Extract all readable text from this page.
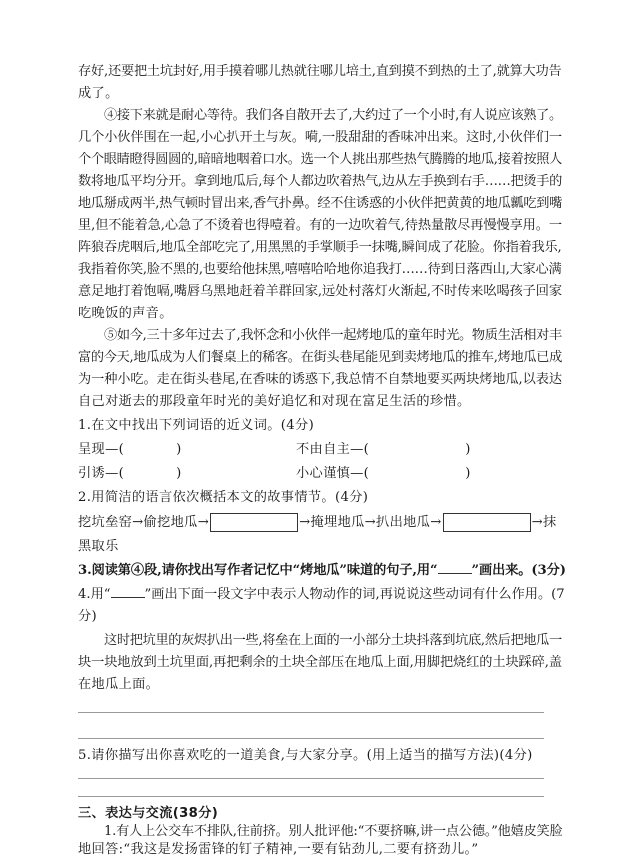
存好,还要把土坑封好,用手摸着哪儿热就往哪儿培土,直到摸不到热的土了,就算大功告
成了。
④接下来就是耐心等待。我们各自散开去了,大约过了一个小时,有人说应该熟了。
几个小伙伴围在一起,小心扒开土与灰。嗬,一股甜甜的香味冲出来。这时,小伙伴们一
个个眼睛瞪得圆圆的,暗暗地咽着口水。选一个人挑出那些热气腾腾的地瓜,接着按照人
数将地瓜平均分开。拿到地瓜后,每个人都边吹着热气,边从左手换到右手……把烫手的
地瓜掰成两半,热气顿时冒出来,香气扑鼻。经不住诱惑的小伙伴把黄黄的地瓜瓤吃到嘴
里,但不能着急,心急了不烫着也得噎着。有的一边吹着气,待热量散尽再慢慢享用。一
阵狼吞虎咽后,地瓜全部吃完了,用黑黑的手掌顺手一抹嘴,瞬间成了花脸。你指着我乐,
我指着你笑,脸不黑的,也要给他抹黑,嘻嘻哈哈地你追我打……待到日落西山,大家心满
意足地打着饱嗝,嘴唇乌黑地赶着羊群回家,远处村落灯火渐起,不时传来吆喝孩子回家
吃晚饭的声音。
⑤如今,三十多年过去了,我怀念和小伙伴一起烤地瓜的童年时光。物质生活相对丰
富的今天,地瓜成为人们餐桌上的稀客。在街头巷尾能见到卖烤地瓜的推车,烤地瓜已成
为一种小吃。走在街头巷尾,在香味的诱惑下,我总情不自禁地要买两块烤地瓜,以表达
自己对逝去的那段童年时光的美好追忆和对现在富足生活的珍惜。
1.在文中找出下列词语的近义词。(4分)
呈现—(	)	不由自主—(	)
引诱—(	)	小心谨慎—(	)
2.用简洁的语言依次概括本文的故事情节。(4分)
挖坑垒窑→偷挖地瓜→	→掩埋地瓜→扒出地瓜→	→抹
黑取乐
3.阅读第④段,请你找出写作者记忆中“烤地瓜”味道的句子,用“	”画出来。(3分)
4.用“	”画出下面一段文字中表示人物动作的词,再说说这些动词有什么作用。(7
分)
这时把坑里的灰烬扒出一些,将垒在上面的一小部分土块抖落到坑底,然后把地瓜一
块一块地放到土坑里面,再把剩余的土块全部压在地瓜上面,用脚把烧红的土块踩碎,盖
在地瓜上面。
5.请你描写出你喜欢吃的一道美食,与大家分享。(用上适当的描写方法)(4分)
三、表达与交流(38分)
1.有人上公交车不排队,往前挤。别人批评他:“不要挤嘛,讲一点公德。”他嬉皮笑脸
地回答:“我这是发扬雷锋的钉子精神,一要有钻劲儿,二要有挤劲儿。”
